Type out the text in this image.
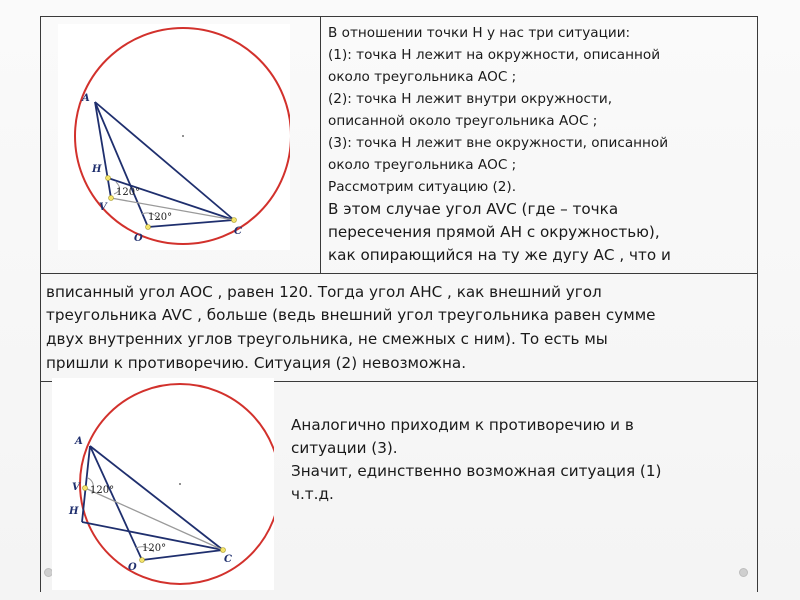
A
H
V
O
C
120°
120°
A
V
H
O
C
120°
120°
В отношении точки Н у нас три ситуации:
(1): точка Н лежит на окружности, описанной
около треугольника АОС ;
(2): точка Н лежит внутри окружности,
описанной около треугольника АОС ;
(3): точка Н лежит вне окружности, описанной
около треугольника АОС ;
Рассмотрим ситуацию (2).
В этом случае угол AVC (где – точка
пересечения прямой АН с окружностью),
как опирающийся на ту же дугу АС , что и
вписанный угол АОС , равен 120. Тогда угол АНС , как внешний угол
треугольника AVC , больше (ведь внешний угол треугольника равен сумме
двух внутренних углов треугольника, не смежных с ним). То есть мы
пришли к противоречию. Ситуация (2) невозможна.
Аналогично приходим к противоречию и в
ситуации (3).
Значит, единственно возможная ситуация (1)
ч.т.д.
